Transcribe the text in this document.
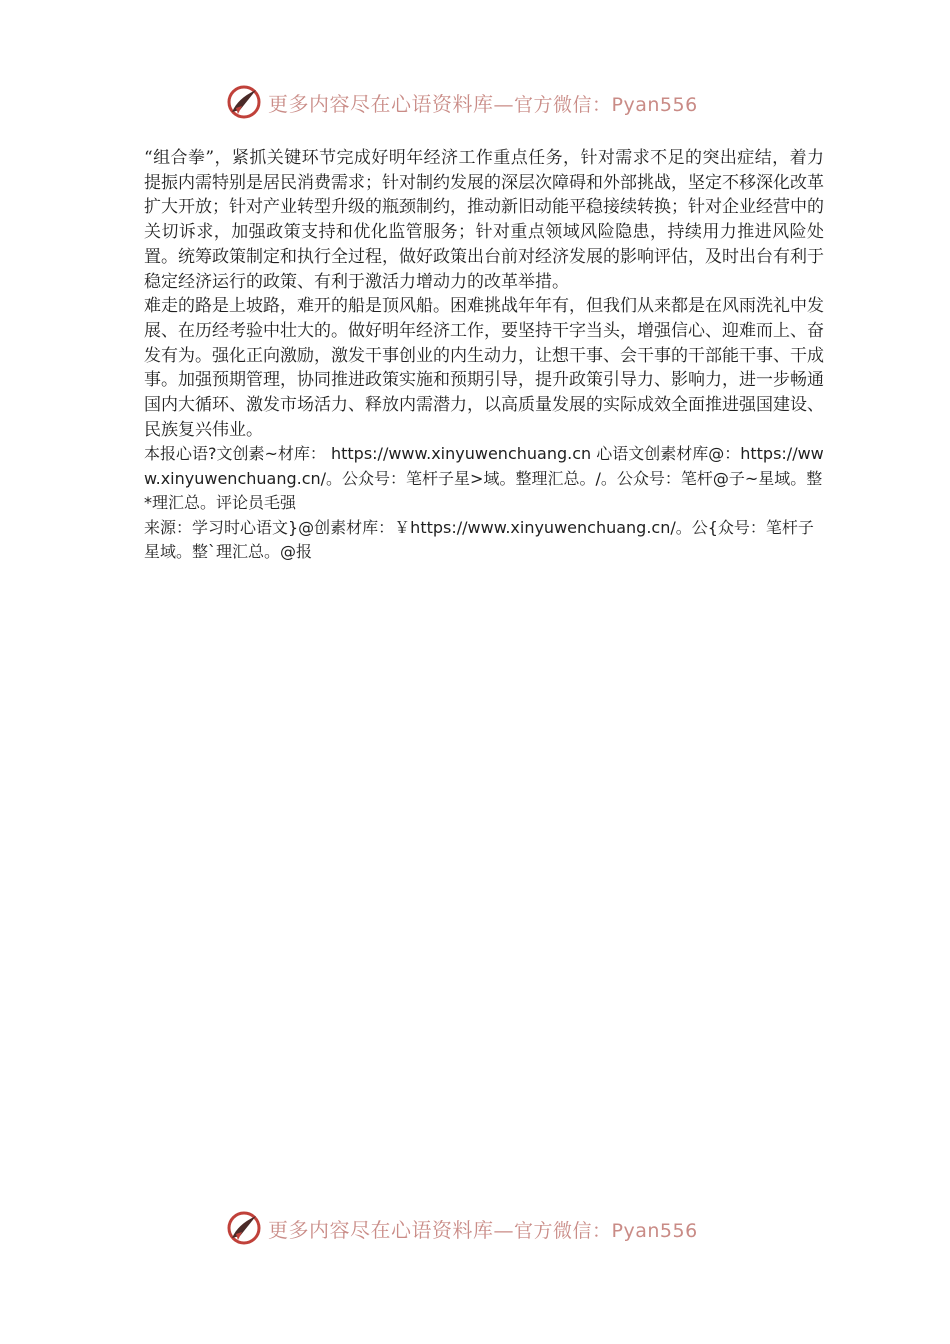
更多内容尽在心语资料库—官方微信：Pyan556

“组合拳”，紧抓关键环节完成好明年经济工作重点任务，针对需求不足的突出症结，着力提振内需特别是居民消费需求；针对制约发展的深层次障碍和外部挑战，坚定不移深化改革扩大开放；针对产业转型升级的瓶颈制约，推动新旧动能平稳接续转换；针对企业经营中的关切诉求，加强政策支持和优化监管服务；针对重点领域风险隐患，持续用力推进风险处置。统筹政策制定和执行全过程，做好政策出台前对经济发展的影响评估，及时出台有利于稳定经济运行的政策、有利于激活力增动力的改革举措。

难走的路是上坡路，难开的船是顶风船。困难挑战年年有，但我们从来都是在风雨洗礼中发展、在历经考验中壮大的。做好明年经济工作，要坚持干字当头，增强信心、迎难而上、奋发有为。强化正向激励，激发干事创业的内生动力，让想干事、会干事的干部能干事、干成事。加强预期管理，协同推进政策实施和预期引导，提升政策引导力、影响力，进一步畅通国内大循环、激发市场活力、释放内需潜力，以高质量发展的实际成效全面推进强国建设、民族复兴伟业。

本报心语?文创素~材库： https://www.xinyuwenchuang.cn 心语文创素材库@：https://www.xinyuwenchuang.cn/。公众号：笔杆子星>域。整理汇总。/。公众号：笔杆@子~星域。整*理汇总。评论员毛强

来源：学习时心语文}@创素材库：￥https://www.xinyuwenchuang.cn/。公{众号：笔杆子星域。整`理汇总。@报

更多内容尽在心语资料库—官方微信：Pyan556
